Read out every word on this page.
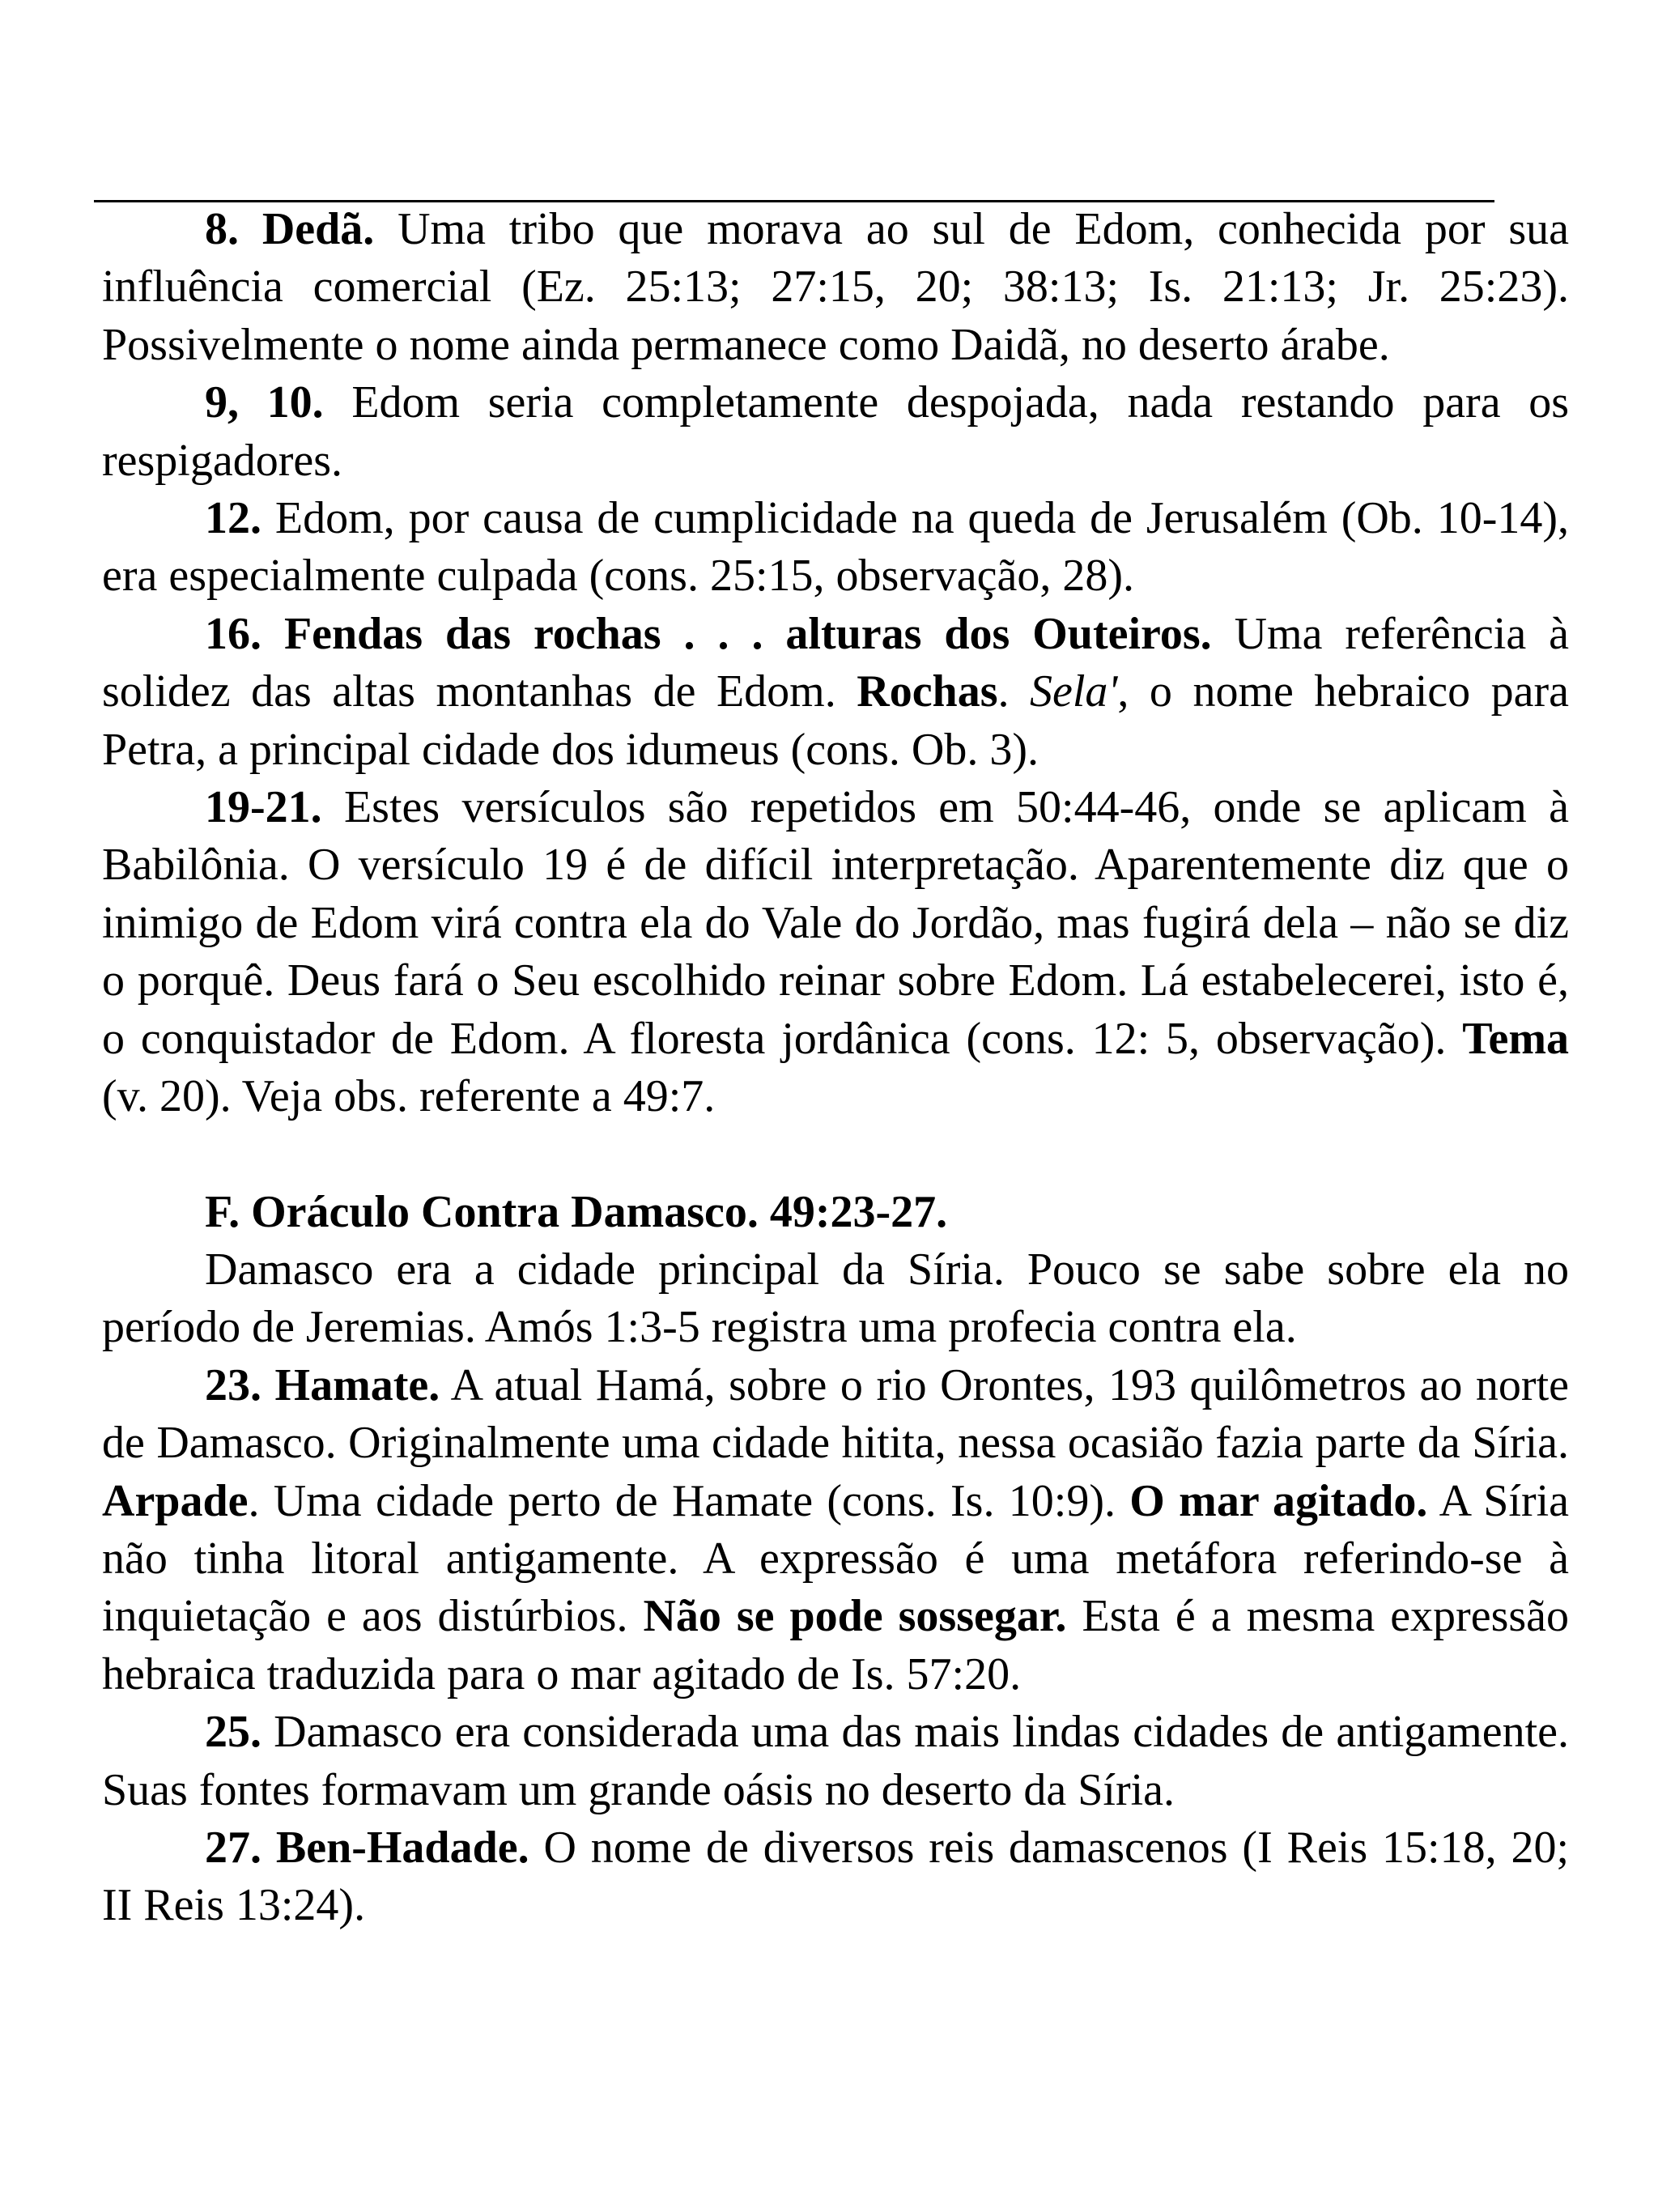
8. Dedã. Uma tribo que morava ao sul de Edom, conhecida por sua influência comercial (Ez. 25:13; 27:15, 20; 38:13; Is. 21:13; Jr. 25:23). Possivelmente o nome ainda permanece como Daidã, no deserto árabe.

9, 10. Edom seria completamente despojada, nada restando para os respigadores.

12. Edom, por causa de cumplicidade na queda de Jerusalém (Ob. 10-14), era especialmente culpada (cons. 25:15, observação, 28).

16. Fendas das rochas . . . alturas dos Outeiros. Uma referência à solidez das altas montanhas de Edom. Rochas. Sela', o nome hebraico para Petra, a principal cidade dos idumeus (cons. Ob. 3).

19-21. Estes versículos são repetidos em 50:44-46, onde se aplicam à Babilônia. O versículo 19 é de difícil interpretação. Aparentemente diz que o inimigo de Edom virá contra ela do Vale do Jordão, mas fugirá dela – não se diz o porquê. Deus fará o Seu escolhido reinar sobre Edom. Lá estabelecerei, isto é, o conquistador de Edom. A floresta jordânica (cons. 12: 5, observação). Tema (v. 20). Veja obs. referente a 49:7.

F. Oráculo Contra Damasco. 49:23-27.

Damasco era a cidade principal da Síria. Pouco se sabe sobre ela no período de Jeremias. Amós 1:3-5 registra uma profecia contra ela.

23. Hamate. A atual Hamá, sobre o rio Orontes, 193 quilômetros ao norte de Damasco. Originalmente uma cidade hitita, nessa ocasião fazia parte da Síria. Arpade. Uma cidade perto de Hamate (cons. Is. 10:9). O mar agitado. A Síria não tinha litoral antigamente. A expressão é uma metáfora referindo-se à inquietação e aos distúrbios. Não se pode sossegar. Esta é a mesma expressão hebraica traduzida para o mar agitado de Is. 57:20.

25. Damasco era considerada uma das mais lindas cidades de antigamente. Suas fontes formavam um grande oásis no deserto da Síria.

27. Ben-Hadade. O nome de diversos reis damascenos (I Reis 15:18, 20; II Reis 13:24).
